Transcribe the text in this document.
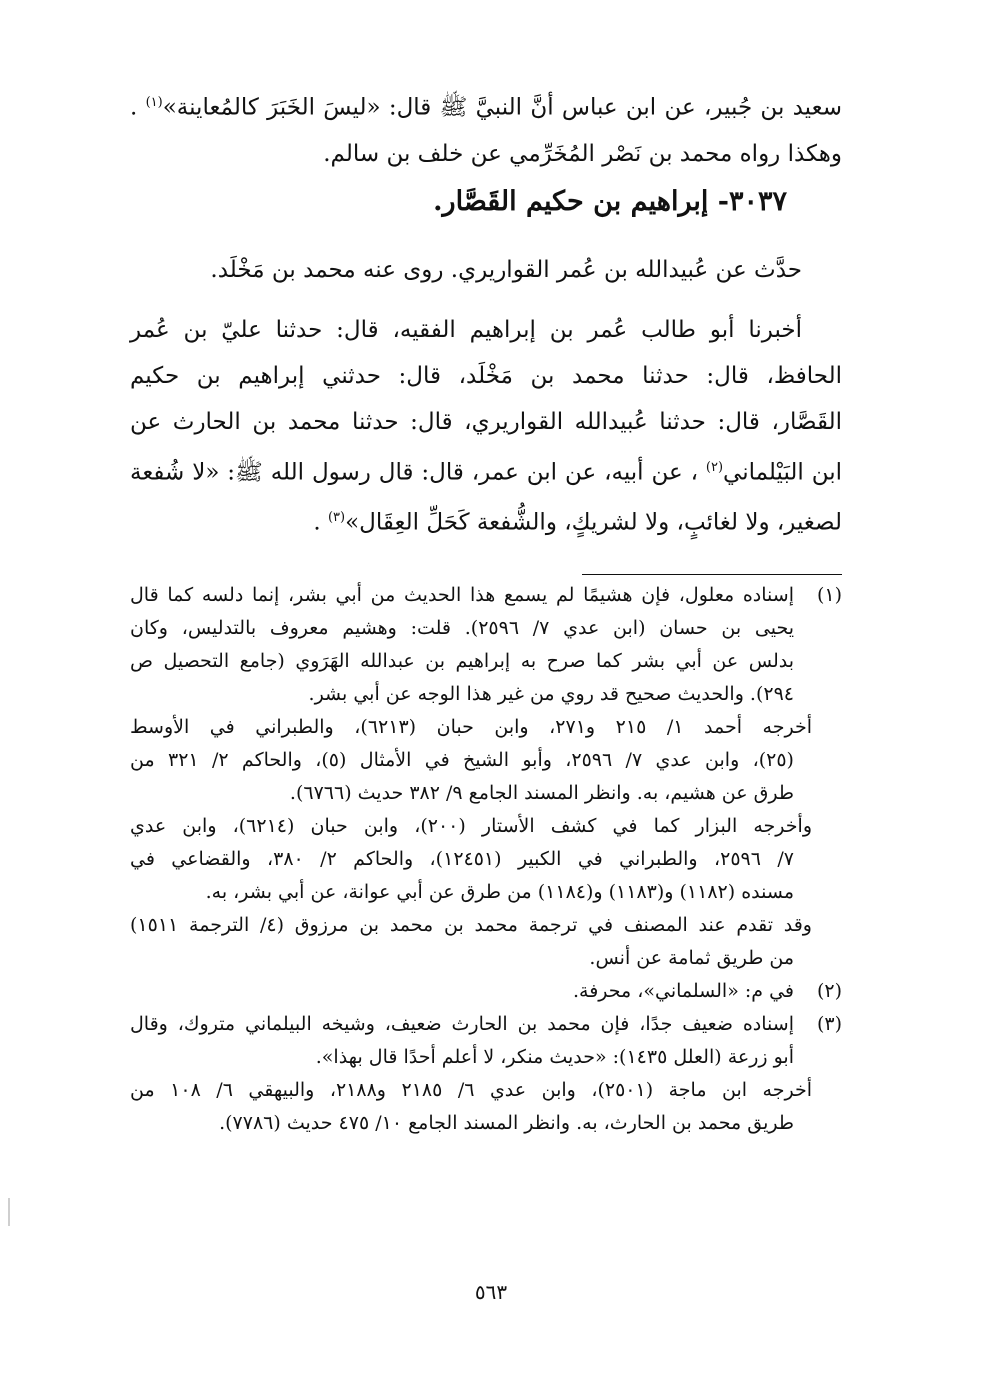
سعيد بن جُبير، عن ابن عباس أنَّ النبيَّ ﷺ قال: «ليسَ الخَبَرَ كالمُعاينة»$^{(١)}$ .
وهكذا رواه محمد بن نَصْر المُخَرِّمي عن خلف بن سالم.
٣٠٣٧- إبراهيم بن حكيم القَصَّار.
حدَّث عن عُبيدالله بن عُمر القواريري. روى عنه محمد بن مَخْلَد.
أخبرنا أبو طالب عُمر بن إبراهيم الفقيه، قال: حدثنا عليّ بن عُمر
الحافظ، قال: حدثنا محمد بن مَخْلَد، قال: حدثني إبراهيم بن حكيم
القَصَّار، قال: حدثنا عُبيدالله القواريري، قال: حدثنا محمد بن الحارث عن
ابن البَيْلماني$^{(٢)}$ ، عن أبيه، عن ابن عمر، قال: قال رسول الله ﷺ: «لا شُفعة
لصغير، ولا لغائبٍ، ولا لشريكٍ، والشُّفعة كَحَلِّ العِقَال»$^{(٣)}$ .
(١)
إسناده معلول، فإن هشيمًا لم يسمع هذا الحديث من أبي بشر، إنما دلسه كما قال
يحيى بن حسان (ابن عدي ٧/ ٢٥٩٦). قلت: وهشيم معروف بالتدليس، وكان
بدلس عن أبي بشر كما صرح به إبراهيم بن عبدالله الهَرَوي (جامع التحصيل ص
٢٩٤). والحديث صحيح قد روي من غير هذا الوجه عن أبي بشر.
أخرجه أحمد ١/ ٢١٥ و٢٧١، وابن حبان (٦٢١٣)، والطبراني في الأوسط
(٢٥)، وابن عدي ٧/ ٢٥٩٦، وأبو الشيخ في الأمثال (٥)، والحاكم ٢/ ٣٢١ من
طرق عن هشيم، به. وانظر المسند الجامع ٩/ ٣٨٢ حديث (٦٧٦٦).
وأخرجه البزار كما في كشف الأستار (٢٠٠)، وابن حبان (٦٢١٤)، وابن عدي
٧/ ٢٥٩٦، والطبراني في الكبير (١٢٤٥١)، والحاكم ٢/ ٣٨٠، والقضاعي في
مسنده (١١٨٢) و(١١٨٣) و(١١٨٤) من طرق عن أبي عوانة، عن أبي بشر، به.
وقد تقدم عند المصنف في ترجمة محمد بن محمد بن مرزوق (٤/ الترجمة ١٥١١)
من طريق ثمامة عن أنس.
(٢)
في م: «السلماني»، محرفة.
(٣)
إسناده ضعيف جدًا، فإن محمد بن الحارث ضعيف، وشيخه البيلماني متروك، وقال
أبو زرعة (العلل ١٤٣٥): «حديث منكر، لا أعلم أحدًا قال بهذا».
أخرجه ابن ماجة (٢٥٠١)، وابن عدي ٦/ ٢١٨٥ و٢١٨٨، والبيهقي ٦/ ١٠٨ من
طريق محمد بن الحارث، به. وانظر المسند الجامع ١٠/ ٤٧٥ حديث (٧٧٨٦).
٥٦٣
